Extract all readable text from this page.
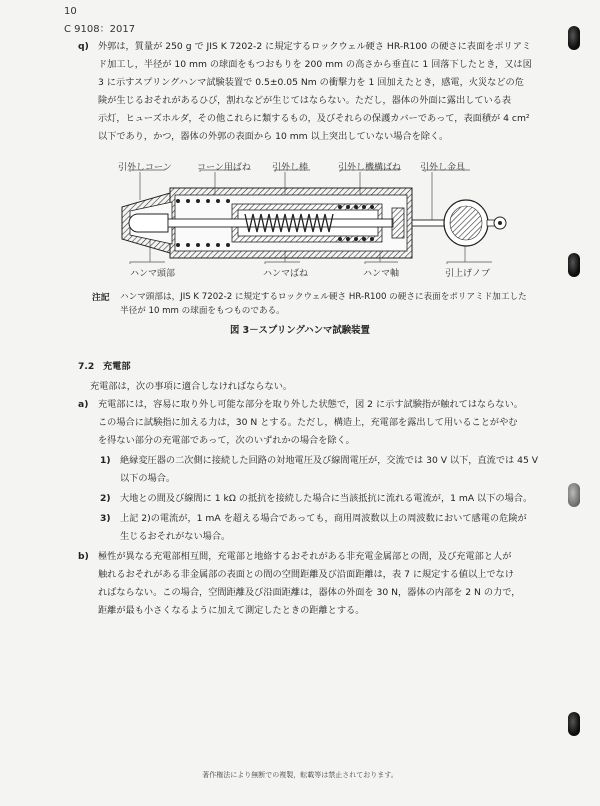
10
C 9108：2017
q) 外郭は，質量が 250 g で JIS K 7202-2 に規定するロックウェル硬さ HR-R100 の硬さに表面をポリアミ
ド加工し，半径が 10 mm の球面をもつおもりを 200 mm の高さから垂直に 1 回落下したとき，又は図
3 に示すスプリングハンマ試験装置で 0.5±0.05 Nm の衝撃力を 1 回加えたとき，感電，火災などの危
険が生じるおそれがあるひび，割れなどが生じてはならない。ただし，器体の外面に露出している表
示灯，ヒューズホルダ，その他これらに類するもの，及びそれらの保護カバーであって，表面積が 4 cm²
以下であり，かつ，器体の外郭の表面から 10 mm 以上突出していない場合を除く。
引外しコーン	コーン用ばね 引外し棒	引外し機構ばね 引外し金具
ハンマ頭部	ハンマばね	ハンマ軸	引上げノブ
注記 ハンマ頭部は，JIS K 7202-2 に規定するロックウェル硬さ HR-R100 の硬さに表面をポリアミド加工した
半径が 10 mm の球面をもつものである。
図 3－スプリングハンマ試験装置
7.2 充電部
充電部は，次の事項に適合しなければならない。
a) 充電部には，容易に取り外し可能な部分を取り外した状態で，図 2 に示す試験指が触れてはならない。
この場合に試験指に加える力は，30 N とする。ただし，構造上，充電部を露出して用いることがやむ
を得ない部分の充電部であって，次のいずれかの場合を除く。
1) 絶縁変圧器の二次側に接続した回路の対地電圧及び線間電圧が，交流では 30 V 以下，直流では 45 V
以下の場合。
2) 大地との間及び線間に 1 kΩ の抵抗を接続した場合に当該抵抗に流れる電流が，1 mA 以下の場合。
3) 上記 2)の電流が，1 mA を超える場合であっても，商用周波数以上の周波数において感電の危険が
生じるおそれがない場合。
b) 極性が異なる充電部相互間，充電部と地絡するおそれがある非充電金属部との間，及び充電部と人が
触れるおそれがある非金属部の表面との間の空間距離及び沿面距離は，表 7 に規定する値以上でなけ
ればならない。この場合，空間距離及び沿面距離は，器体の外面を 30 N，器体の内部を 2 N の力で，
距離が最も小さくなるように加えて測定したときの距離とする。
著作権法により無断での複製，転載等は禁止されております。
